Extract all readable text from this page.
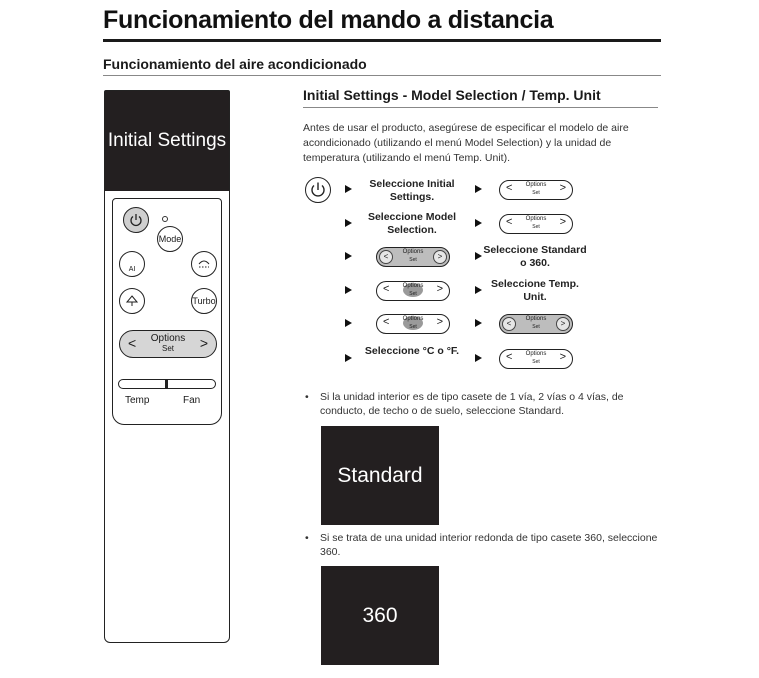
Funcionamiento del mando a distancia
Funcionamiento del aire acondicionado
Initial Settings
Mode
AI
Turbo
<	Options
Set	>
Temp	Fan
Initial Settings - Model Selection / Temp. Unit
Antes de usar el producto, asegúrese de especificar el modelo de aire acondicionado (utilizando el menú Model Selection) y la unidad de temperatura (utilizando el menú Temp. Unit).
Seleccione Initial Settings.
<	Options
Set	>
Seleccione Model Selection.
<	Options
Set	>
<	Options
Set	>
Seleccione Standard o 360.
<	Options
Set	>	Seleccione Temp. Unit.
<	Options
Set	>	<	Options
Set	>
Seleccione °C o °F.	<	Options
Set	>
• Si la unidad interior es de tipo casete de 1 vía, 2 vías o 4 vías, de conducto, de techo o de suelo, seleccione Standard.
Standard
• Si se trata de una unidad interior redonda de tipo casete 360, seleccione 360.
360
